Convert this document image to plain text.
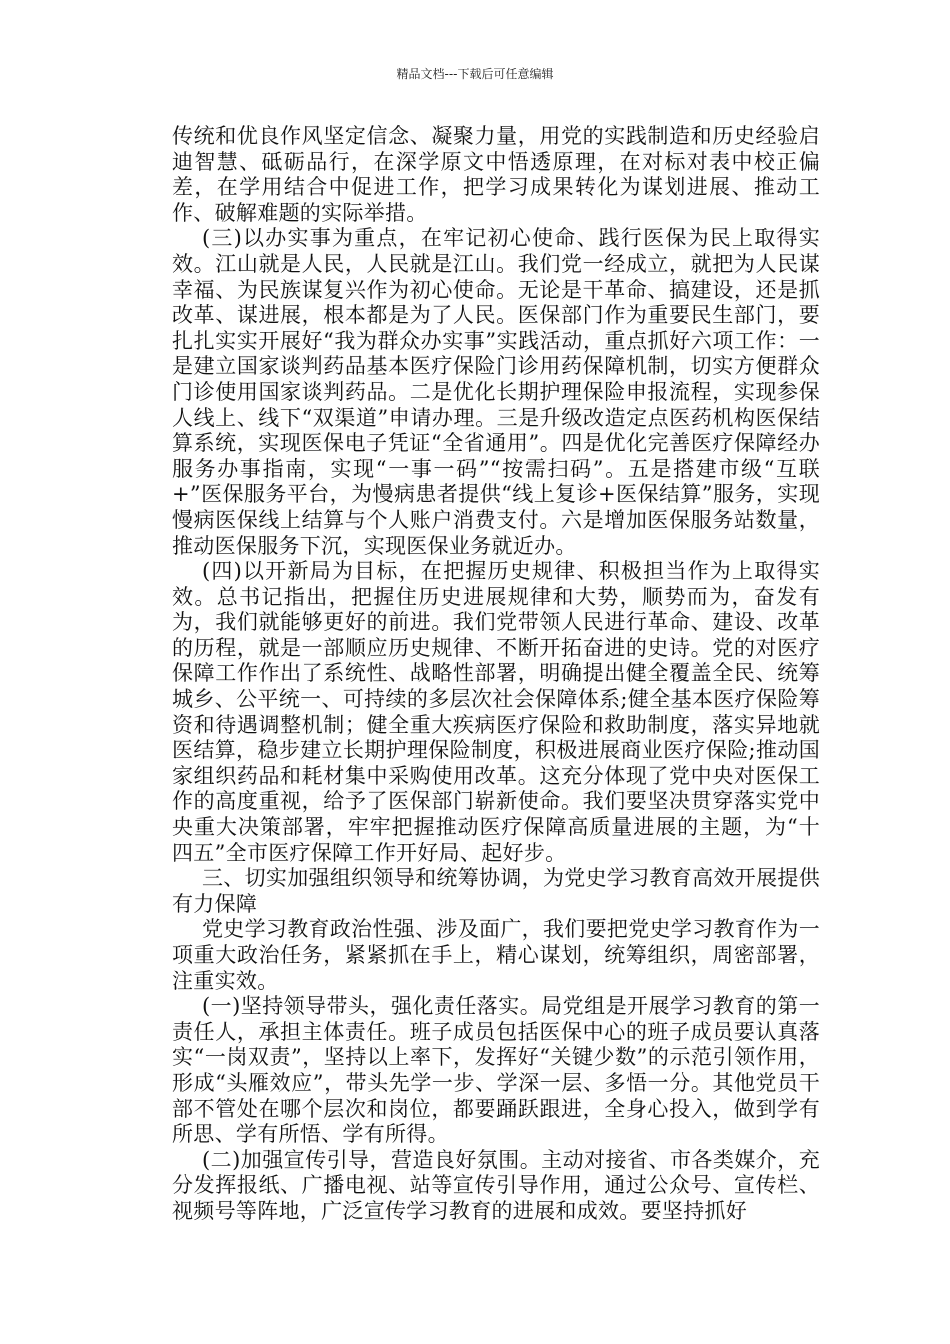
精品文档---下载后可任意编辑

传统和优良作风坚定信念、凝聚力量，用党的实践制造和历史经验启迪智慧、砥砺品行，在深学原文中悟透原理，在对标对表中校正偏差，在学用结合中促进工作，把学习成果转化为谋划进展、推动工作、破解难题的实际举措。

(三)以办实事为重点，在牢记初心使命、践行医保为民上取得实效。江山就是人民，人民就是江山。我们党一经成立，就把为人民谋幸福、为民族谋复兴作为初心使命。无论是干革命、搞建设，还是抓改革、谋进展，根本都是为了人民。医保部门作为重要民生部门，要扎扎实实开展好“我为群众办实事”实践活动，重点抓好六项工作：一是建立国家谈判药品基本医疗保险门诊用药保障机制，切实方便群众门诊使用国家谈判药品。二是优化长期护理保险申报流程，实现参保人线上、线下“双渠道”申请办理。三是升级改造定点医药机构医保结算系统，实现医保电子凭证“全省通用”。四是优化完善医疗保障经办服务办事指南，实现“一事一码”“按需扫码”。五是搭建市级“互联+”医保服务平台，为慢病患者提供“线上复诊+医保结算”服务，实现慢病医保线上结算与个人账户消费支付。六是增加医保服务站数量，推动医保服务下沉，实现医保业务就近办。

(四)以开新局为目标，在把握历史规律、积极担当作为上取得实效。总书记指出，把握住历史进展规律和大势，顺势而为，奋发有为，我们就能够更好的前进。我们党带领人民进行革命、建设、改革的历程，就是一部顺应历史规律、不断开拓奋进的史诗。党的对医疗保障工作作出了系统性、战略性部署，明确提出健全覆盖全民、统筹城乡、公平统一、可持续的多层次社会保障体系;健全基本医疗保险筹资和待遇调整机制；健全重大疾病医疗保险和救助制度，落实异地就医结算，稳步建立长期护理保险制度，积极进展商业医疗保险;推动国家组织药品和耗材集中采购使用改革。这充分体现了党中央对医保工作的高度重视，给予了医保部门崭新使命。我们要坚决贯穿落实党中央重大决策部署，牢牢把握推动医疗保障高质量进展的主题，为“十四五”全市医疗保障工作开好局、起好步。

三、切实加强组织领导和统筹协调，为党史学习教育高效开展提供有力保障

党史学习教育政治性强、涉及面广，我们要把党史学习教育作为一项重大政治任务，紧紧抓在手上，精心谋划，统筹组织，周密部署，注重实效。

(一)坚持领导带头，强化责任落实。局党组是开展学习教育的第一责任人，承担主体责任。班子成员包括医保中心的班子成员要认真落实“一岗双责”，坚持以上率下，发挥好“关键少数”的示范引领作用，形成“头雁效应”，带头先学一步、学深一层、多悟一分。其他党员干部不管处在哪个层次和岗位，都要踊跃跟进，全身心投入，做到学有所思、学有所悟、学有所得。

(二)加强宣传引导，营造良好氛围。主动对接省、市各类媒介，充分发挥报纸、广播电视、站等宣传引导作用，通过公众号、宣传栏、视频号等阵地，广泛宣传学习教育的进展和成效。要坚持抓好
